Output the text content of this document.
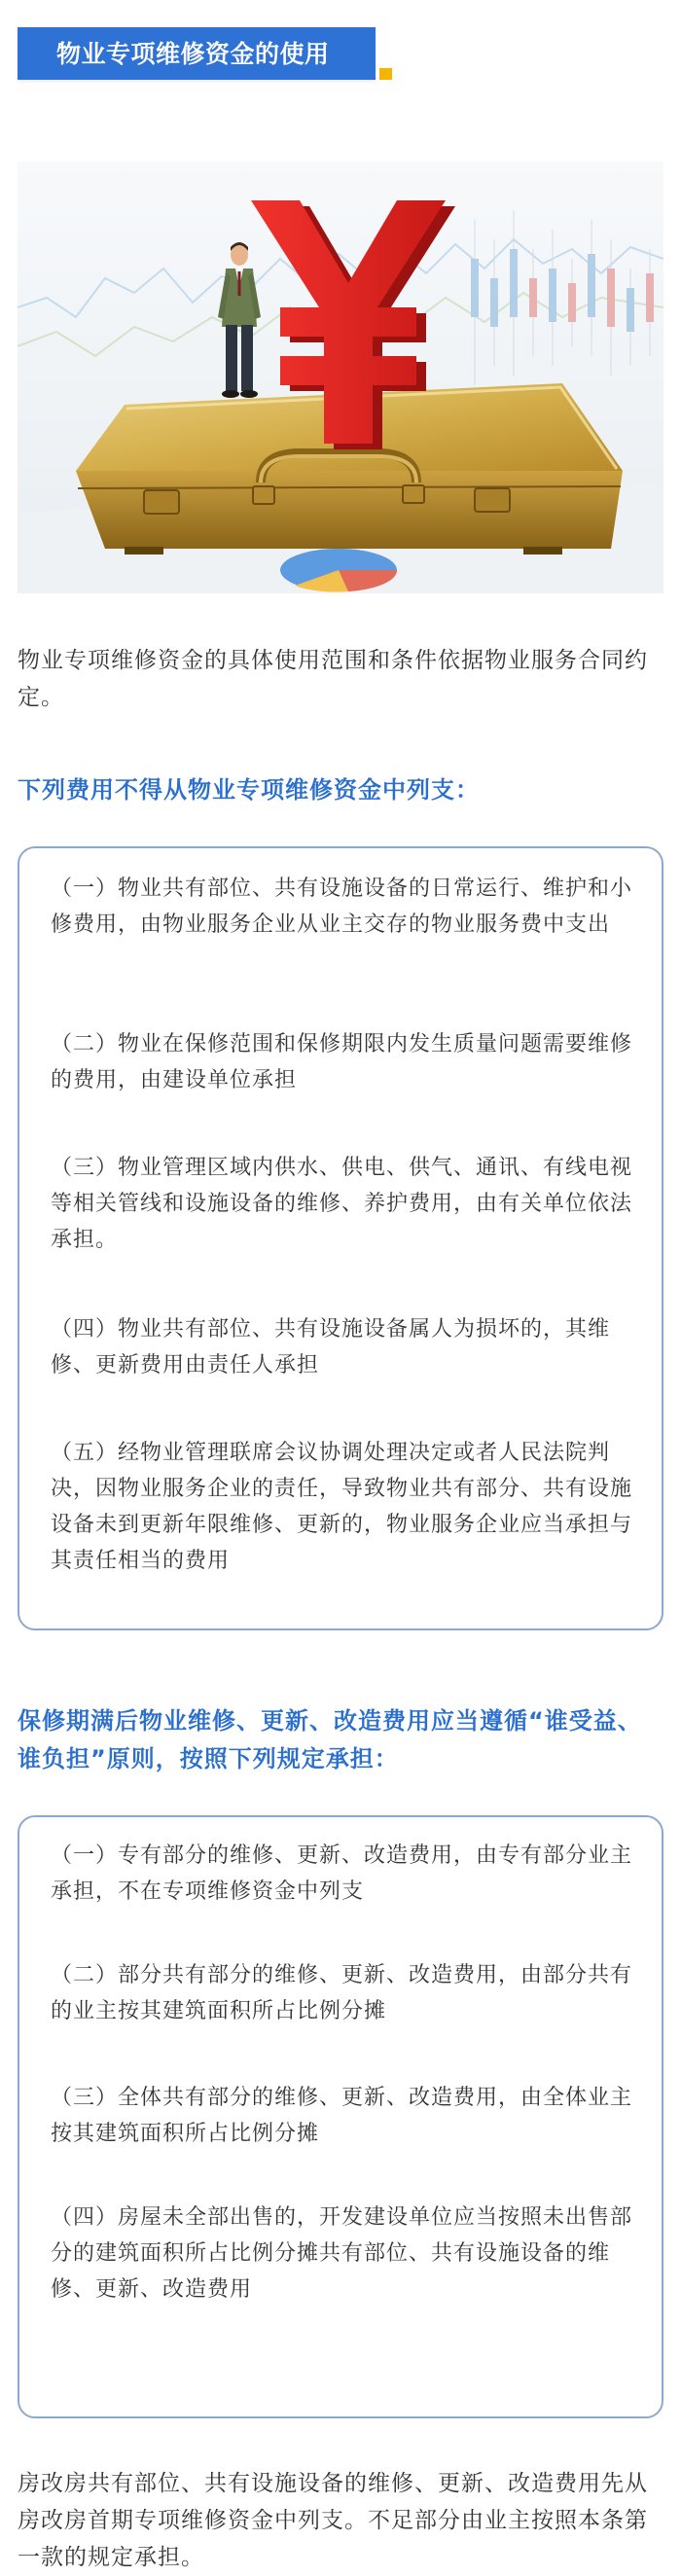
物业专项维修资金的使用

物业专项维修资金的具体使用范围和条件依据物业服务合同约定。

下列费用不得从物业专项维修资金中列支：

（一）物业共有部位、共有设施设备的日常运行、维护和小修费用，由物业服务企业从业主交存的物业服务费中支出

（二）物业在保修范围和保修期限内发生质量问题需要维修的费用，由建设单位承担

（三）物业管理区域内供水、供电、供气、通讯、有线电视等相关管线和设施设备的维修、养护费用，由有关单位依法承担。

（四）物业共有部位、共有设施设备属人为损坏的，其维修、更新费用由责任人承担

（五）经物业管理联席会议协调处理决定或者人民法院判决，因物业服务企业的责任，导致物业共有部分、共有设施设备未到更新年限维修、更新的，物业服务企业应当承担与其责任相当的费用

保修期满后物业维修、更新、改造费用应当遵循“谁受益、谁负担”原则，按照下列规定承担：

（一）专有部分的维修、更新、改造费用，由专有部分业主承担，不在专项维修资金中列支

（二）部分共有部分的维修、更新、改造费用，由部分共有的业主按其建筑面积所占比例分摊

（三）全体共有部分的维修、更新、改造费用，由全体业主按其建筑面积所占比例分摊

（四）房屋未全部出售的，开发建设单位应当按照未出售部分的建筑面积所占比例分摊共有部位、共有设施设备的维修、更新、改造费用

房改房共有部位、共有设施设备的维修、更新、改造费用先从房改房首期专项维修资金中列支。不足部分由业主按照本条第一款的规定承担。
